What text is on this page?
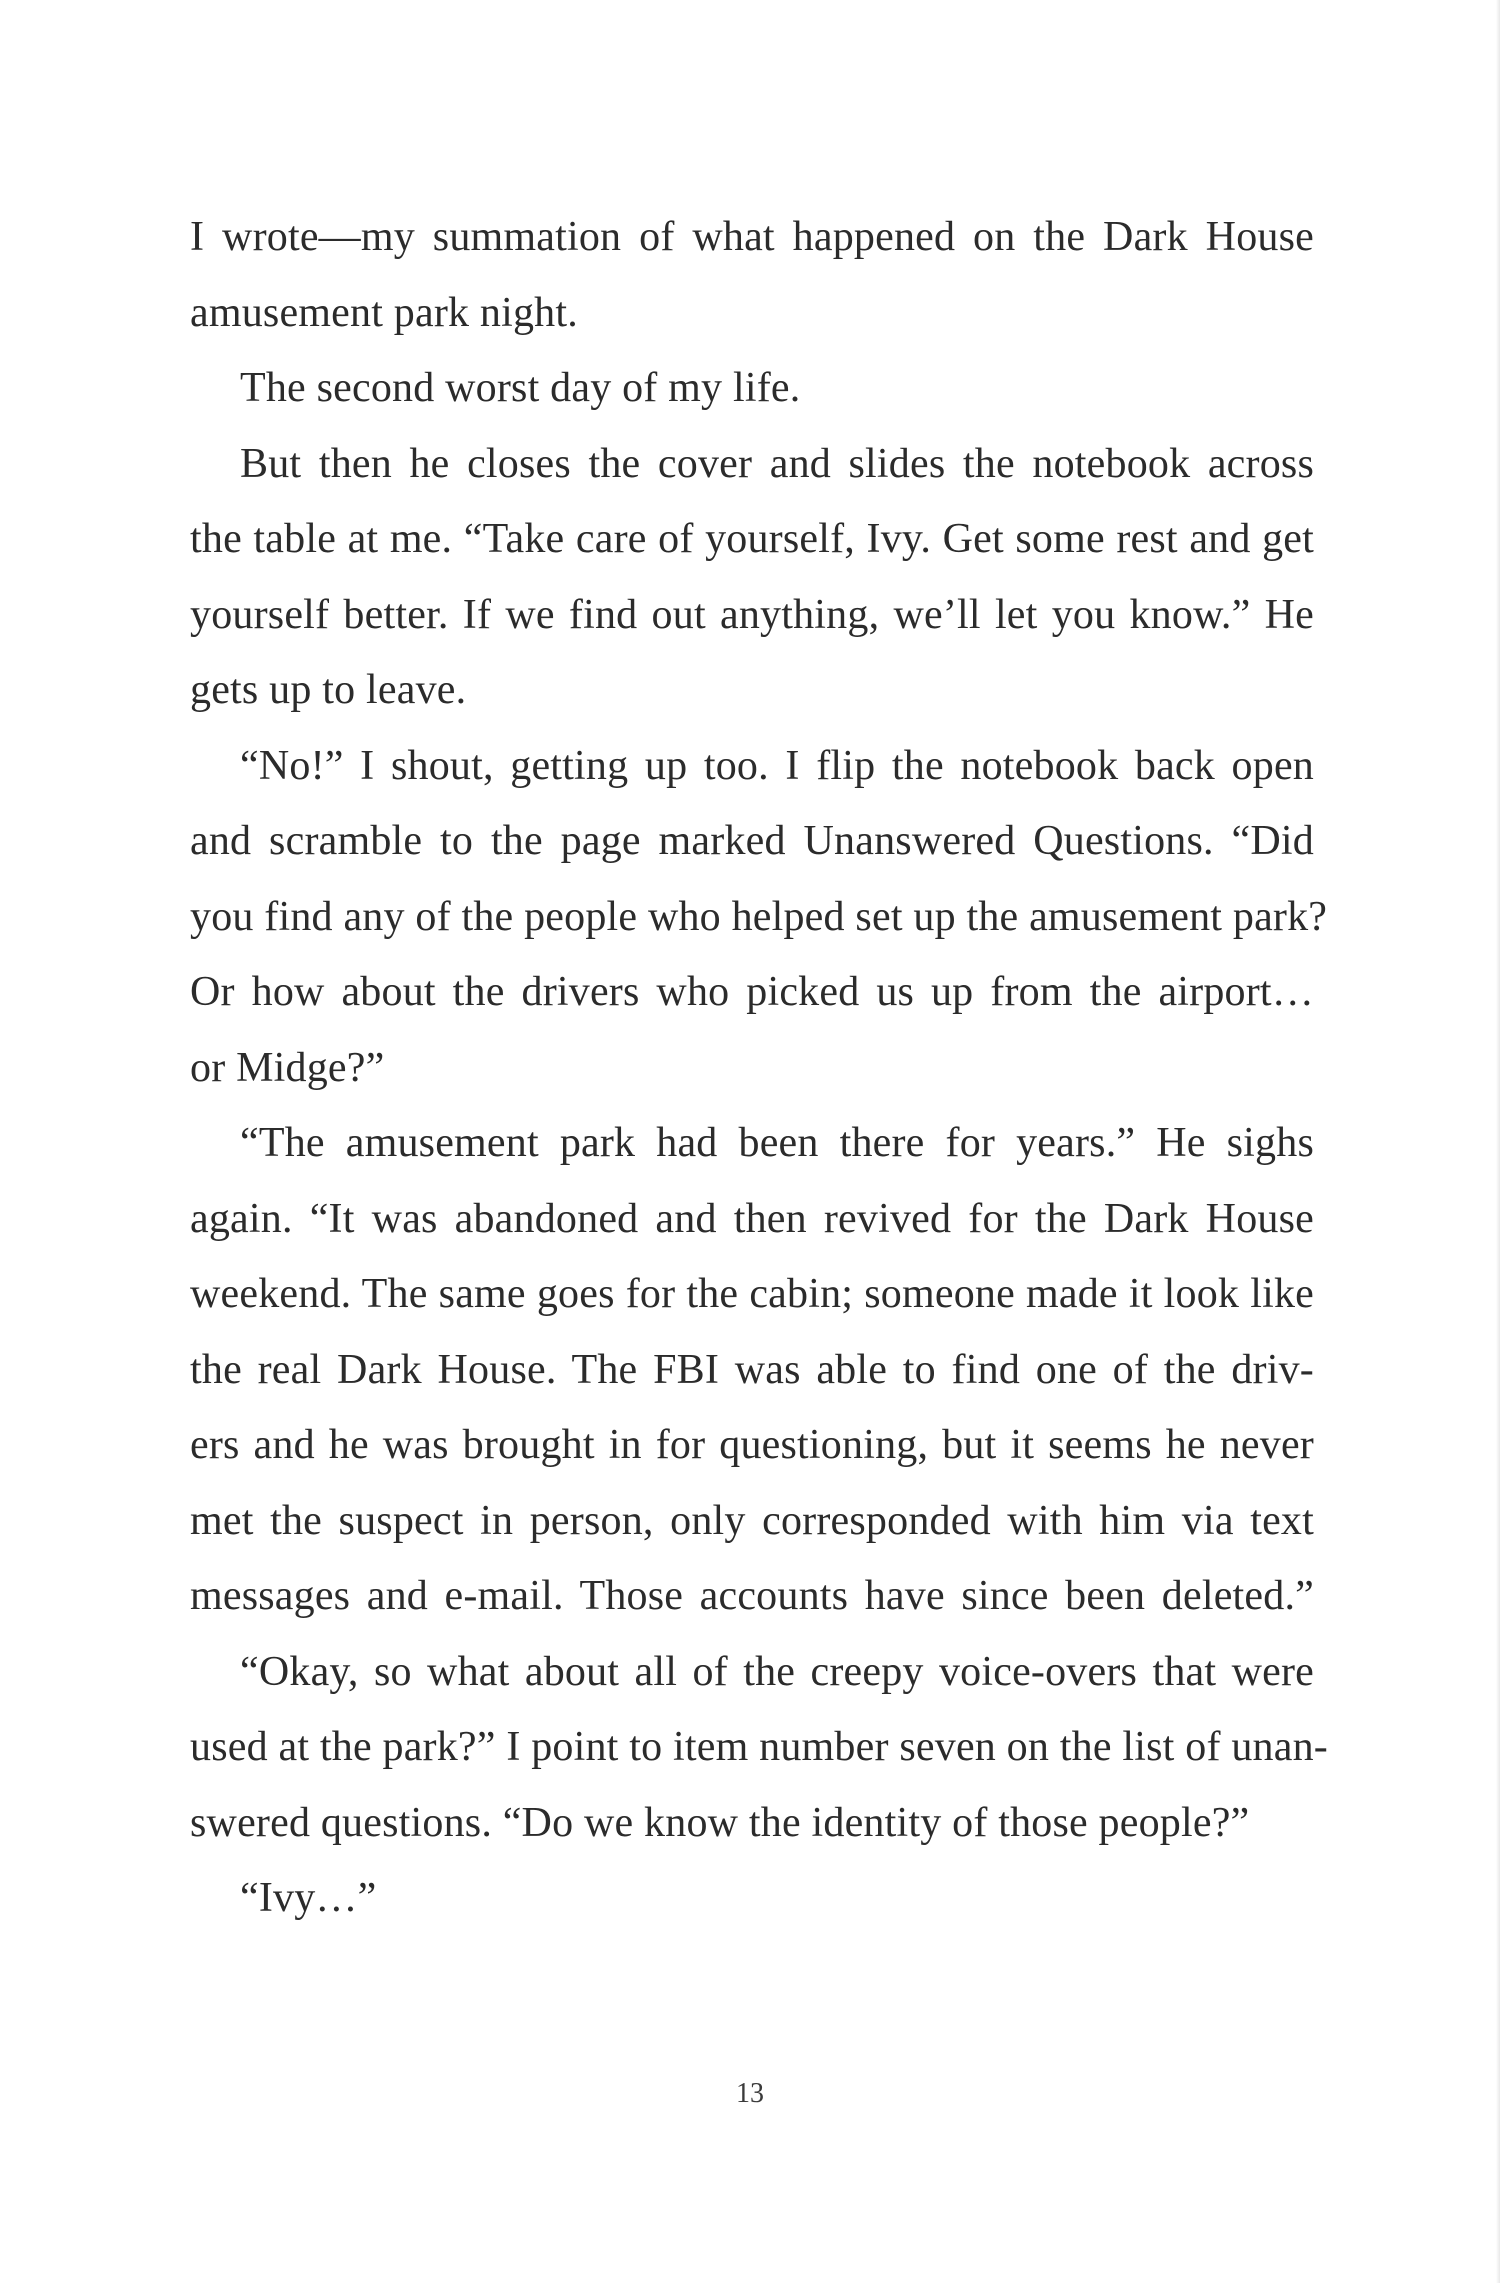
I wrote—my summation of what happened on the Dark House
amusement park night.
The second worst day of my life.
But then he closes the cover and slides the notebook across
the table at me. “Take care of yourself, Ivy. Get some rest and get
yourself better. If we find out anything, we’ll let you know.” He
gets up to leave.
“No!” I shout, getting up too. I flip the notebook back open
and scramble to the page marked Unanswered Questions. “Did
you find any of the people who helped set up the amusement park?
Or how about the drivers who picked us up from the airport…
or Midge?”
“The amusement park had been there for years.” He sighs
again. “It was abandoned and then revived for the Dark House
weekend. The same goes for the cabin; someone made it look like
the real Dark House. The FBI was able to find one of the driv-
ers and he was brought in for questioning, but it seems he never
met the suspect in person, only corresponded with him via text
messages and e-mail. Those accounts have since been deleted.”
“Okay, so what about all of the creepy voice-overs that were
used at the park?” I point to item number seven on the list of unan-
swered questions. “Do we know the identity of those people?”
“Ivy…”
13
